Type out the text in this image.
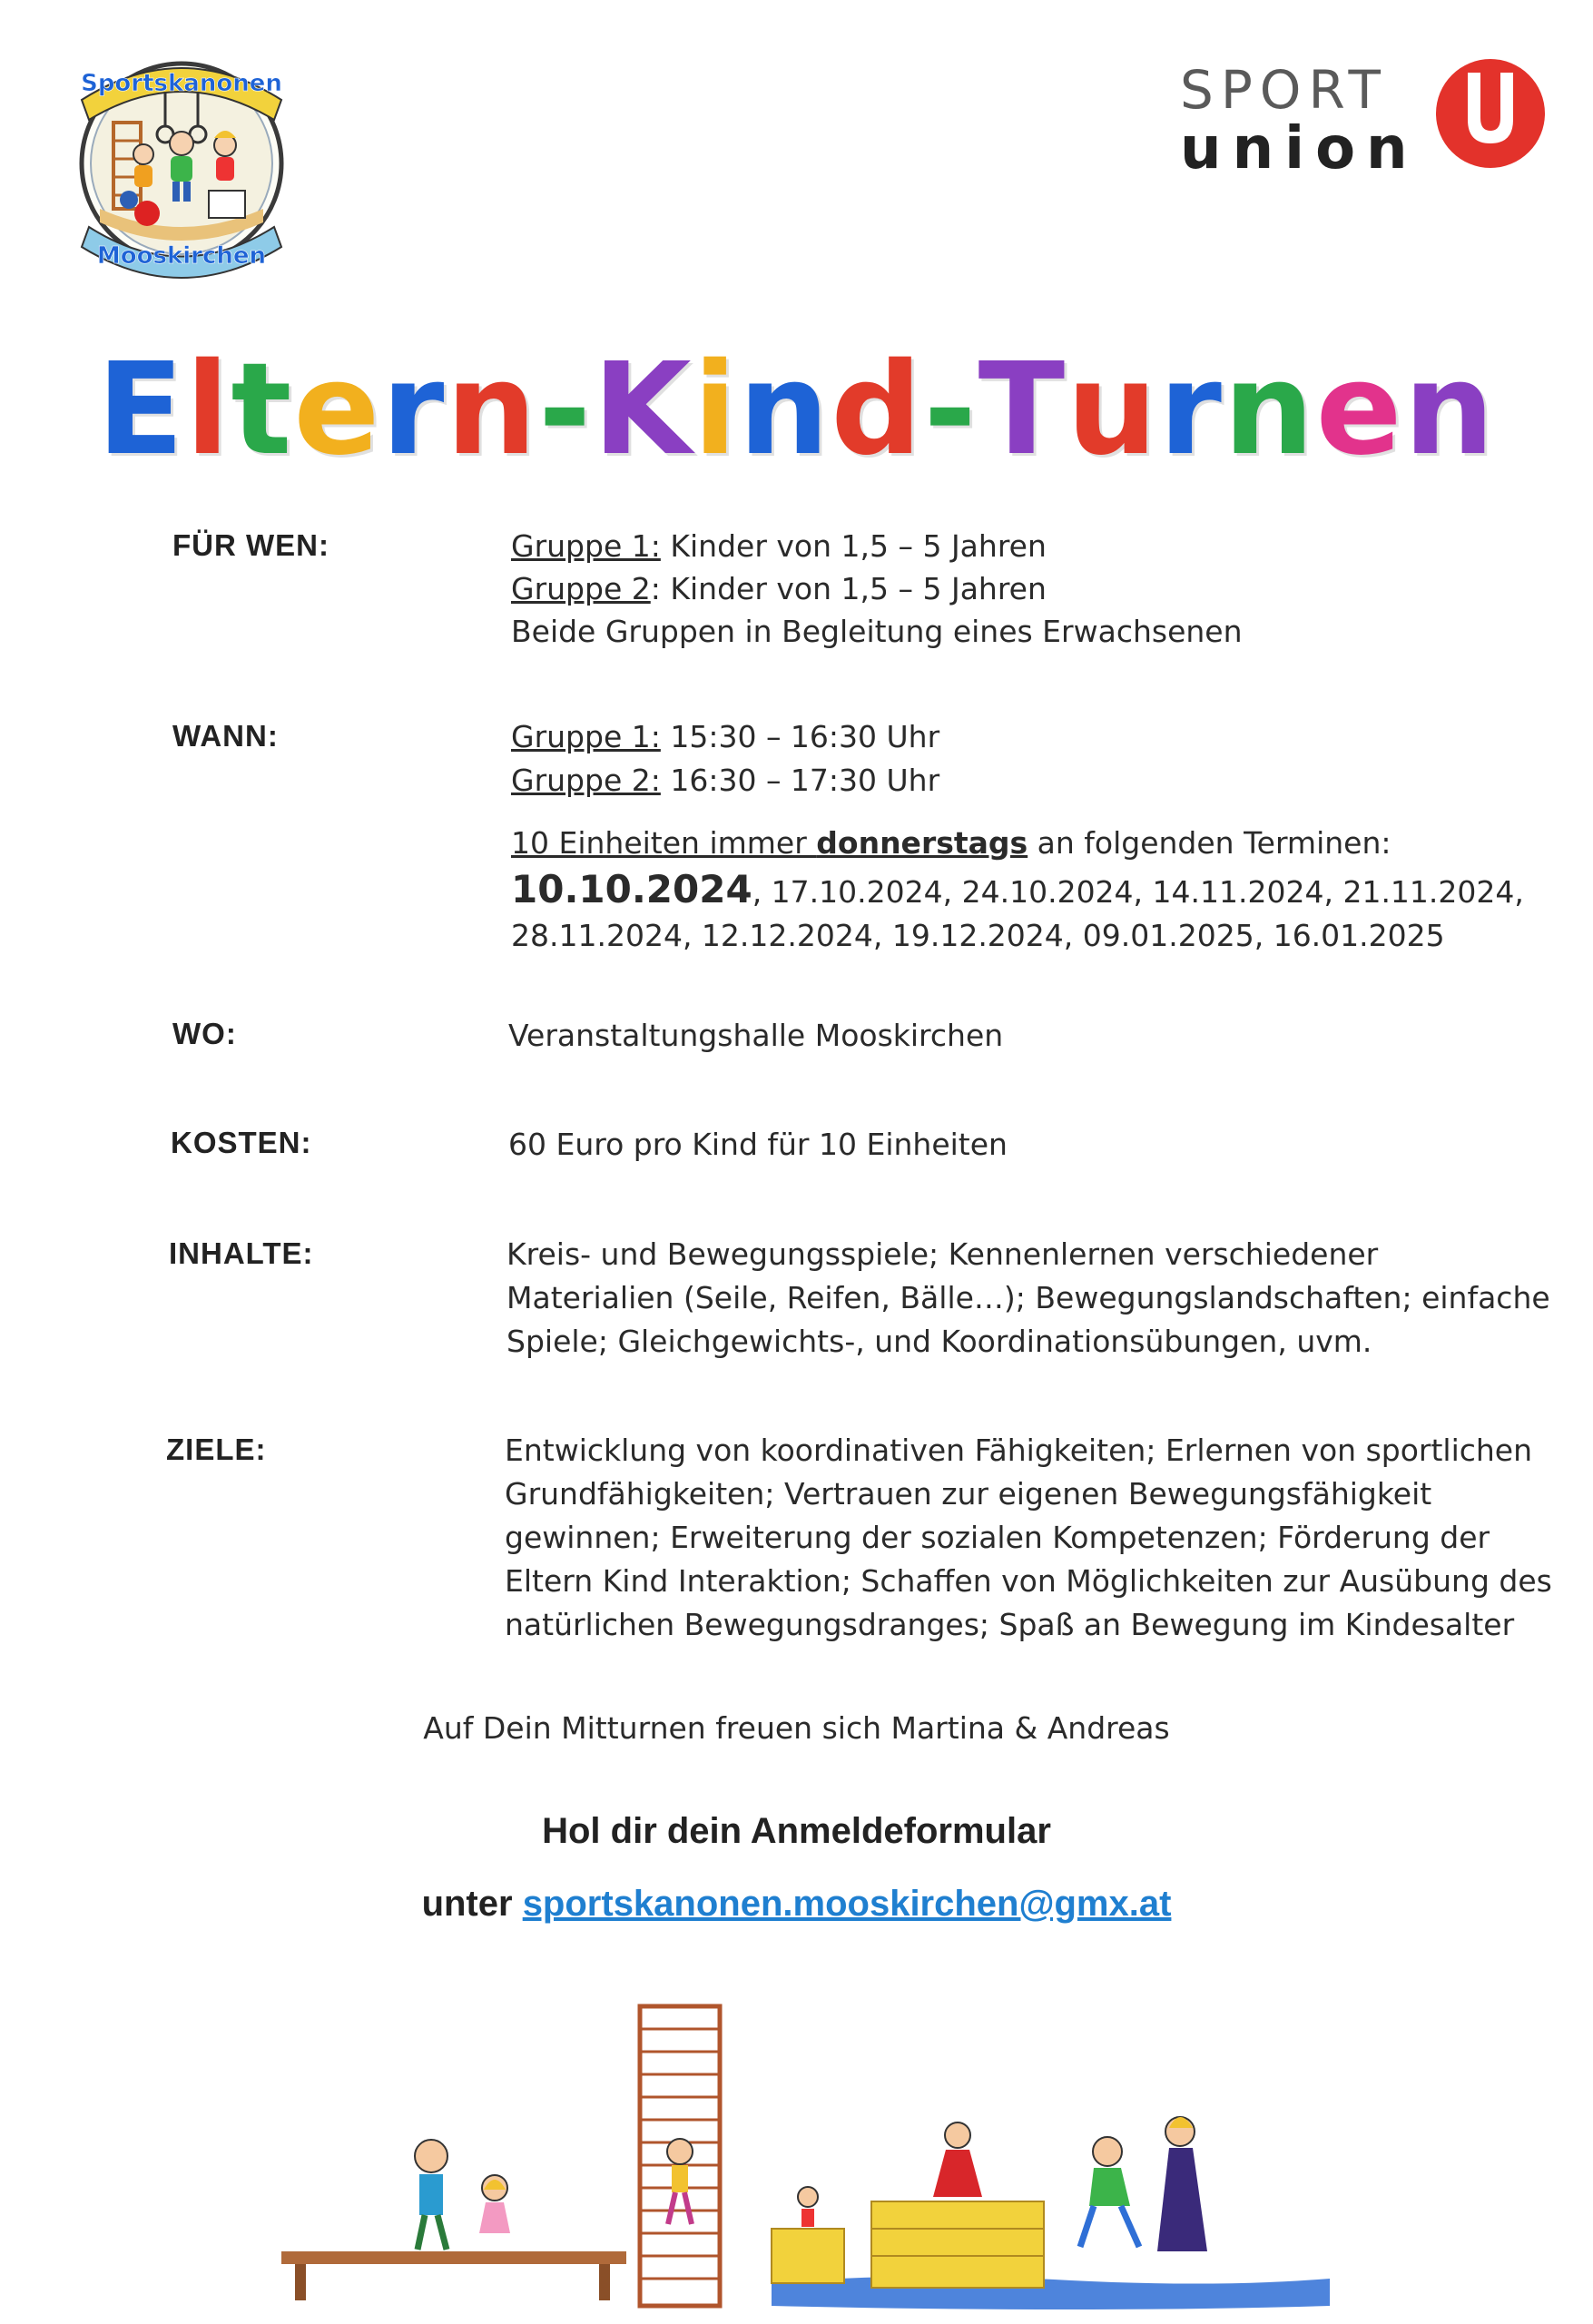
Sportskanonen
Mooskirchen
SPORT
union
Eltern-Kind-Turnen
FÜR WEN:	Gruppe 1: Kinder von 1,5 – 5 Jahren
Gruppe 2: Kinder von 1,5 – 5 Jahren
Beide Gruppen in Begleitung eines Erwachsenen
WANN:	Gruppe 1: 15:30 – 16:30 Uhr
Gruppe 2: 16:30 – 17:30 Uhr
10 Einheiten immer donnerstags an folgenden Terminen:
10.10.2024, 17.10.2024, 24.10.2024, 14.11.2024, 21.11.2024,
28.11.2024, 12.12.2024, 19.12.2024, 09.01.2025, 16.01.2025
WO:	Veranstaltungshalle Mooskirchen
KOSTEN:	60 Euro pro Kind für 10 Einheiten
INHALTE:	Kreis- und Bewegungsspiele; Kennenlernen verschiedener
Materialien (Seile, Reifen, Bälle…); Bewegungslandschaften; einfache
Spiele; Gleichgewichts-, und Koordinationsübungen, uvm.
ZIELE:	Entwicklung von koordinativen Fähigkeiten; Erlernen von sportlichen
Grundfähigkeiten; Vertrauen zur eigenen Bewegungsfähigkeit
gewinnen; Erweiterung der sozialen Kompetenzen; Förderung der
Eltern Kind Interaktion; Schaffen von Möglichkeiten zur Ausübung des
natürlichen Bewegungsdranges; Spaß an Bewegung im Kindesalter
Auf Dein Mitturnen freuen sich Martina & Andreas
Hol dir dein Anmeldeformular
unter sportskanonen.mooskirchen@gmx.at
